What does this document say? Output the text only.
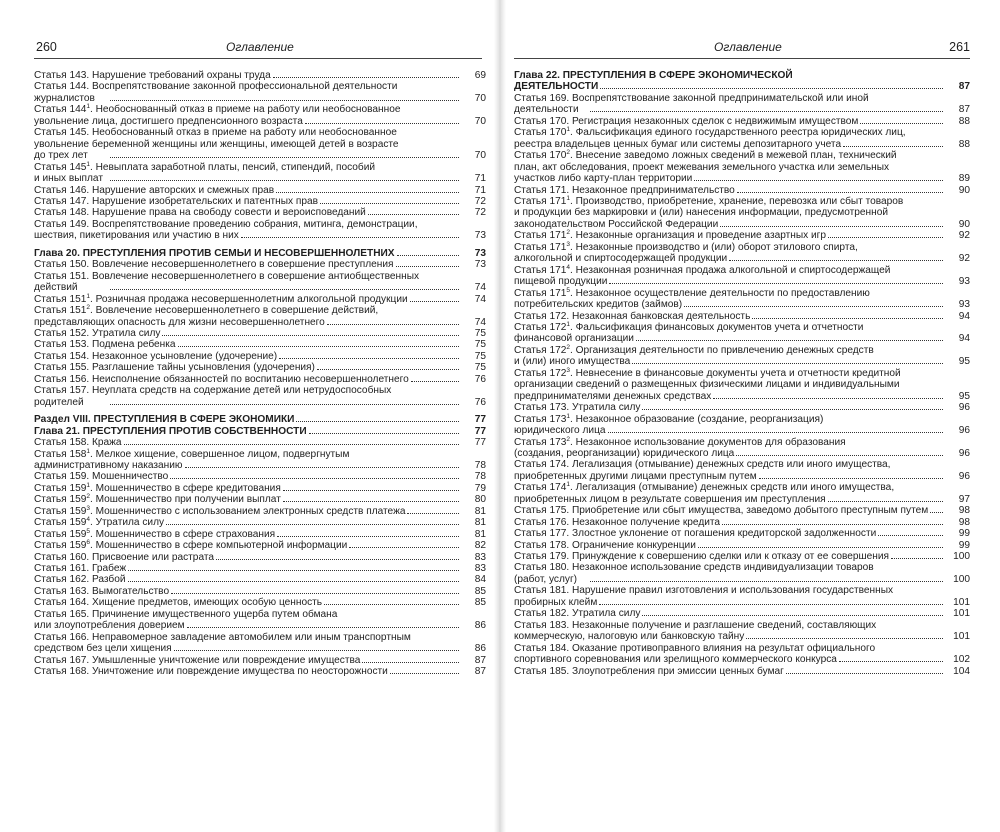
260	Оглавление
Статья 143. Нарушение требований охраны труда	69
Статья 144. Воспрепятствование законной профессиональной деятельности
журналистов	70
Статья $144^1$. Необоснованный отказ в приеме на работу или необоснованное
увольнение лица, достигшего предпенсионного возраста	70
Статья 145. Необоснованный отказ в приеме на работу или необоснованное
увольнение беременной женщины или женщины, имеющей детей в возрасте
до трех лет	70
Статья $145^1$. Невыплата заработной платы, пенсий, стипендий, пособий
и иных выплат	71
Статья 146. Нарушение авторских и смежных прав	71
Статья 147. Нарушение изобретательских и патентных прав	72
Статья 148. Нарушение права на свободу совести и вероисповеданий	72
Статья 149. Воспрепятствование проведению собрания, митинга, демонстрации,
шествия, пикетирования или участию в них	73
Глава 20. ПРЕСТУПЛЕНИЯ ПРОТИВ СЕМЬИ И НЕСОВЕРШЕННОЛЕТНИХ	73
Статья 150. Вовлечение несовершеннолетнего в совершение преступления	73
Статья 151. Вовлечение несовершеннолетнего в совершение антиобщественных
действий	74
Статья $151^1$. Розничная продажа несовершеннолетним алкогольной продукции	74
Статья $151^2$. Вовлечение несовершеннолетнего в совершение действий,
представляющих опасность для жизни несовершеннолетнего	74
Статья 152. Утратила силу	75
Статья 153. Подмена ребенка	75
Статья 154. Незаконное усыновление (удочерение)	75
Статья 155. Разглашение тайны усыновления (удочерения)	75
Статья 156. Неисполнение обязанностей по воспитанию несовершеннолетнего	76
Статья 157. Неуплата средств на содержание детей или нетрудоспособных
родителей	76
Раздел VIII. ПРЕСТУПЛЕНИЯ В СФЕРЕ ЭКОНОМИКИ	77
Глава 21. ПРЕСТУПЛЕНИЯ ПРОТИВ СОБСТВЕННОСТИ	77
Статья 158. Кража	77
Статья $158^1$. Мелкое хищение, совершенное лицом, подвергнутым
административному наказанию	78
Статья 159. Мошенничество	78
Статья $159^1$. Мошенничество в сфере кредитования	79
Статья $159^2$. Мошенничество при получении выплат	80
Статья $159^3$. Мошенничество с использованием электронных средств платежа	81
Статья $159^4$. Утратила силу	81
Статья $159^5$. Мошенничество в сфере страхования	81
Статья $159^6$. Мошенничество в сфере компьютерной информации	82
Статья 160. Присвоение или растрата	83
Статья 161. Грабеж	83
Статья 162. Разбой	84
Статья 163. Вымогательство	85
Статья 164. Хищение предметов, имеющих особую ценность	85
Статья 165. Причинение имущественного ущерба путем обмана
или злоупотребления доверием	86
Статья 166. Неправомерное завладение автомобилем или иным транспортным
средством без цели хищения	86
Статья 167. Умышленные уничтожение или повреждение имущества	87
Статья 168. Уничтожение или повреждение имущества по неосторожности	87
Оглавление	261
Глава 22. ПРЕСТУПЛЕНИЯ В СФЕРЕ ЭКОНОМИЧЕСКОЙ
ДЕЯТЕЛЬНОСТИ	87
Статья 169. Воспрепятствование законной предпринимательской или иной
деятельности	87
Статья 170. Регистрация незаконных сделок с недвижимым имуществом	88
Статья $170^1$. Фальсификация единого государственного реестра юридических лиц,
реестра владельцев ценных бумаг или системы депозитарного учета	88
Статья $170^2$. Внесение заведомо ложных сведений в межевой план, технический
план, акт обследования, проект межевания земельного участка или земельных
участков либо карту-план территории	89
Статья 171. Незаконное предпринимательство	90
Статья $171^1$. Производство, приобретение, хранение, перевозка или сбыт товаров
и продукции без маркировки и (или) нанесения информации, предусмотренной
законодательством Российской Федерации	90
Статья $171^2$. Незаконные организация и проведение азартных игр	92
Статья $171^3$. Незаконные производство и (или) оборот этилового спирта,
алкогольной и спиртосодержащей продукции	92
Статья $171^4$. Незаконная розничная продажа алкогольной и спиртосодержащей
пищевой продукции	93
Статья $171^5$. Незаконное осуществление деятельности по предоставлению
потребительских кредитов (займов)	93
Статья 172. Незаконная банковская деятельность	94
Статья $172^1$. Фальсификация финансовых документов учета и отчетности
финансовой организации	94
Статья $172^2$. Организация деятельности по привлечению денежных средств
и (или) иного имущества	95
Статья $172^3$. Невнесение в финансовые документы учета и отчетности кредитной
организации сведений о размещенных физическими лицами и индивидуальными
предпринимателями денежных средствах	95
Статья 173. Утратила силу	96
Статья $173^1$. Незаконное образование (создание, реорганизация)
юридического лица	96
Статья $173^2$. Незаконное использование документов для образования
(создания, реорганизации) юридического лица	96
Статья 174. Легализация (отмывание) денежных средств или иного имущества,
приобретенных другими лицами преступным путем	96
Статья $174^1$. Легализация (отмывание) денежных средств или иного имущества,
приобретенных лицом в результате совершения им преступления	97
Статья 175. Приобретение или сбыт имущества, заведомо добытого преступным путем	98
Статья 176. Незаконное получение кредита	98
Статья 177. Злостное уклонение от погашения кредиторской задолженности	99
Статья 178. Ограничение конкуренции	99
Статья 179. Принуждение к совершению сделки или к отказу от ее совершения	100
Статья 180. Незаконное использование средств индивидуализации товаров
(работ, услуг)	100
Статья 181. Нарушение правил изготовления и использования государственных
пробирных клейм	101
Статья 182. Утратила силу	101
Статья 183. Незаконные получение и разглашение сведений, составляющих
коммерческую, налоговую или банковскую тайну	101
Статья 184. Оказание противоправного влияния на результат официального
спортивного соревнования или зрелищного коммерческого конкурса	102
Статья 185. Злоупотребления при эмиссии ценных бумаг	104
